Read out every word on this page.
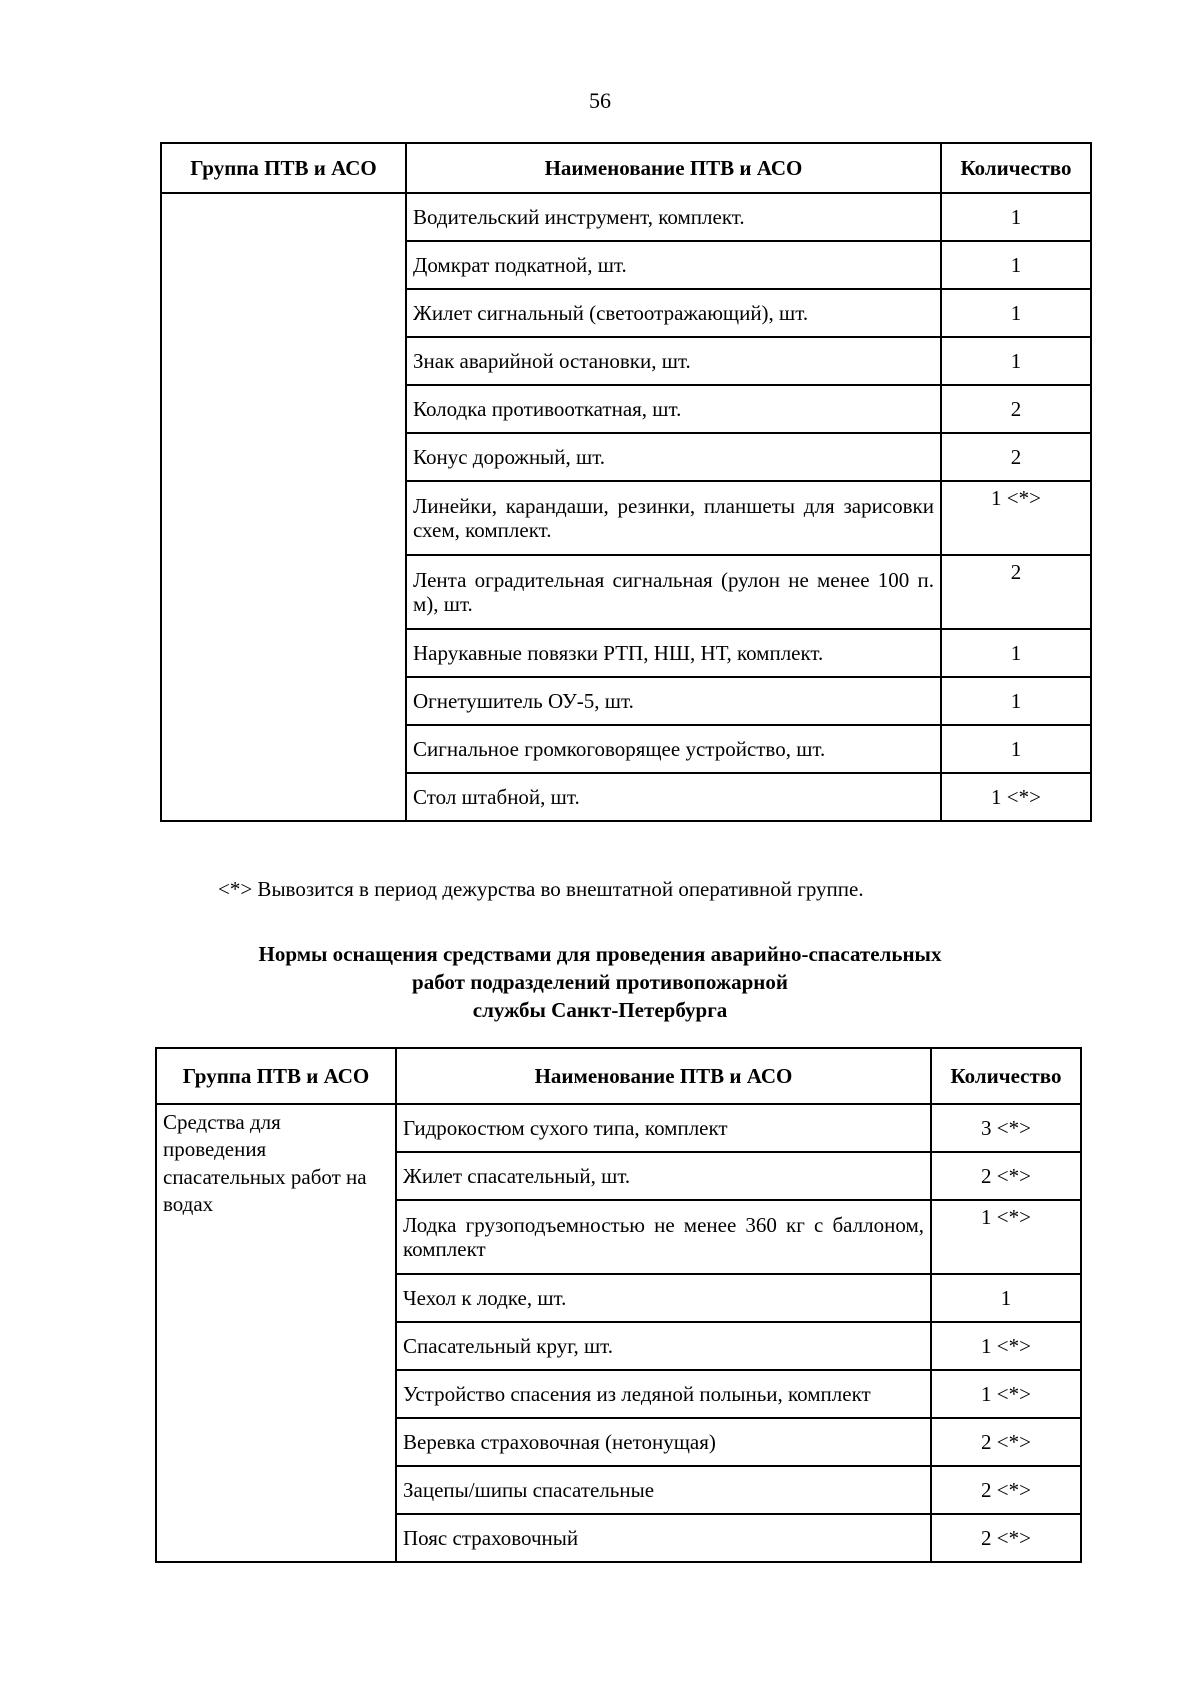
56
Группа ПТВ и АСО	Наименование ПТВ и АСО	Количество
	Водительский инструмент, комплект.	1
	Домкрат подкатной, шт.	1
	Жилет сигнальный (светоотражающий), шт.	1
	Знак аварийной остановки, шт.	1
	Колодка противооткатная, шт.	2
	Конус дорожный, шт.	2
	Линейки, карандаши, резинки, планшеты для зарисовки схем, комплект.	1 <*>
	Лента оградительная сигнальная (рулон не менее 100 п. м), шт.	2
	Нарукавные повязки РТП, НШ, НТ, комплект.	1
	Огнетушитель ОУ-5, шт.	1
	Сигнальное громкоговорящее устройство, шт.	1
	Стол штабной, шт.	1 <*>
<*> Вывозится в период дежурства во внештатной оперативной группе.
Нормы оснащения средствами для проведения аварийно-спасательных
работ подразделений противопожарной
службы Санкт-Петербурга
Группа ПТВ и АСО	Наименование ПТВ и АСО	Количество
Средства для проведения спасательных работ на водах	Гидрокостюм сухого типа, комплект	3 <*>
	Жилет спасательный, шт.	2 <*>
	Лодка грузоподъемностью не менее 360 кг с баллоном, комплект	1 <*>
	Чехол к лодке, шт.	1
	Спасательный круг, шт.	1 <*>
	Устройство спасения из ледяной полыньи, комплект	1 <*>
	Веревка страховочная (нетонущая)	2 <*>
	Зацепы/шипы спасательные	2 <*>
	Пояс страховочный	2 <*>
